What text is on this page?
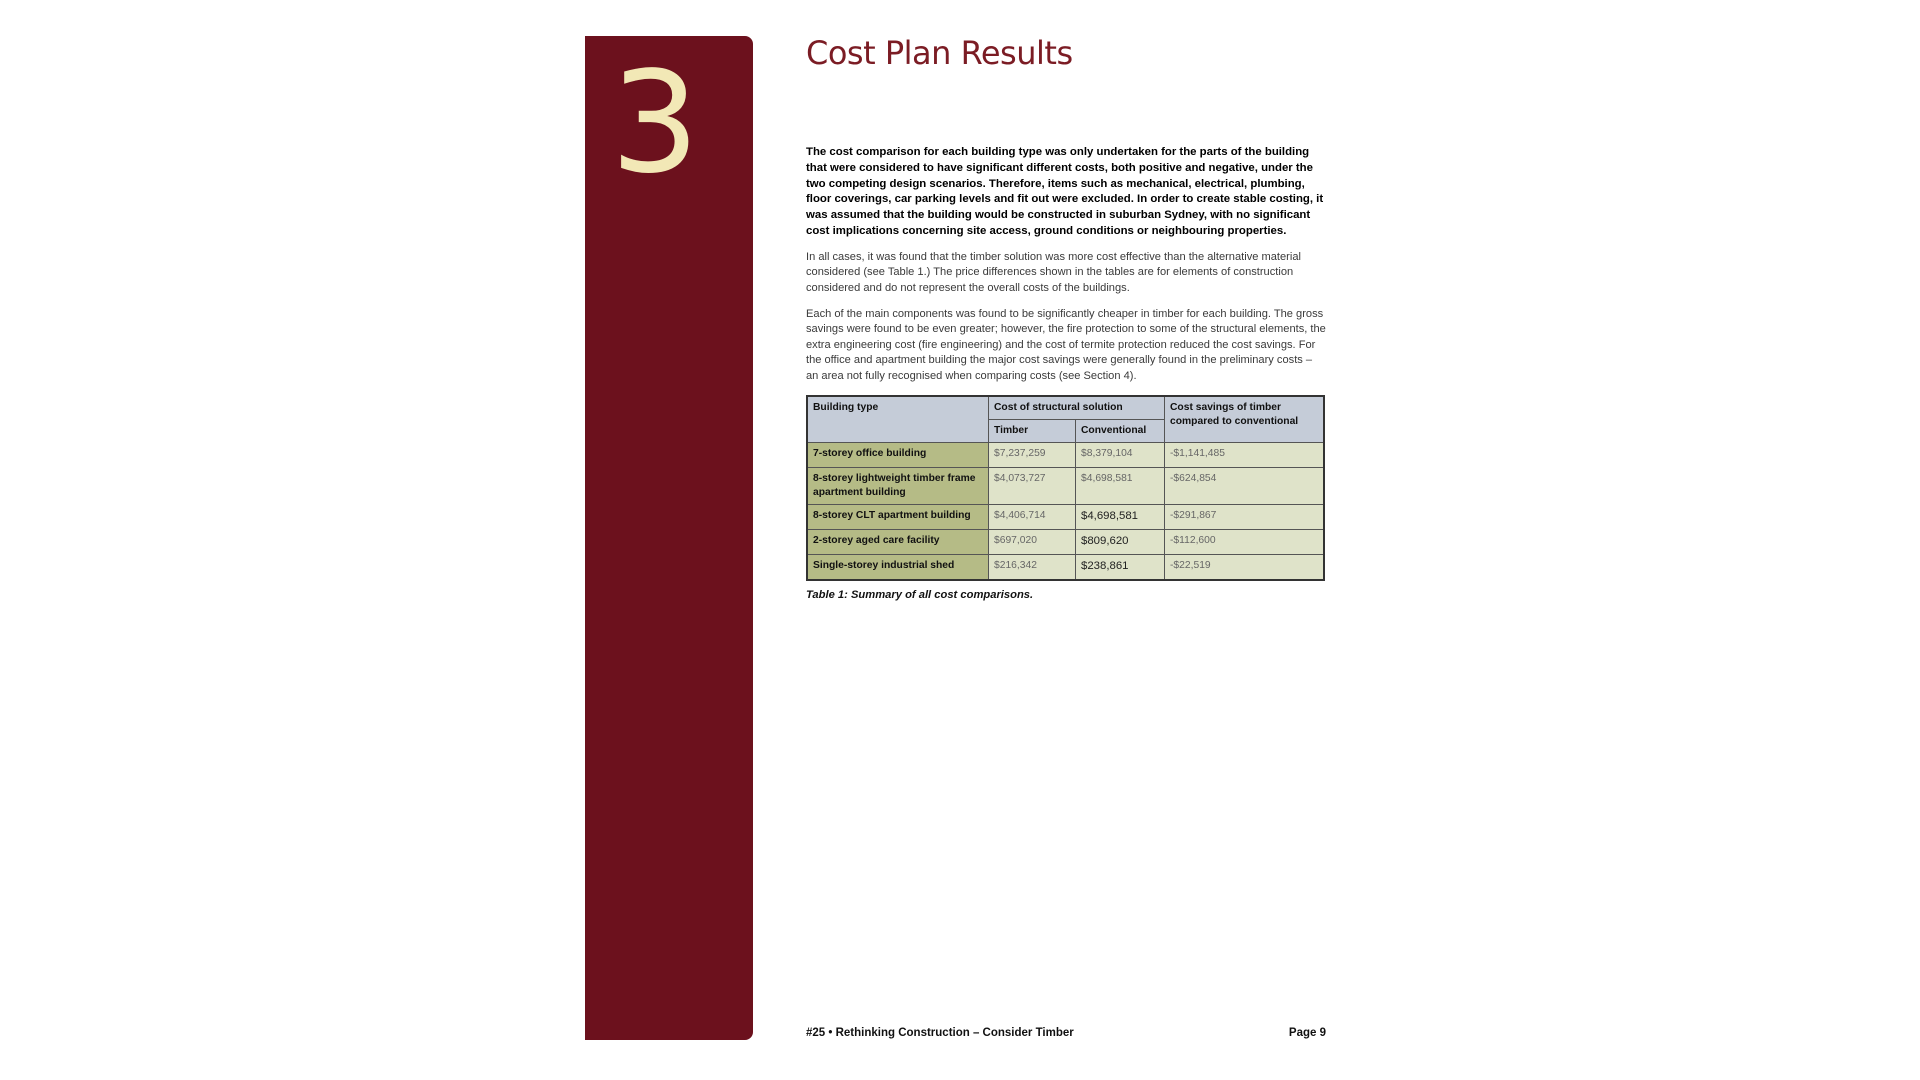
3	Cost Plan Results

The cost comparison for each building type was only undertaken for the parts of the building that were considered to have significant different costs, both positive and negative, under the two competing design scenarios. Therefore, items such as mechanical, electrical, plumbing, floor coverings, car parking levels and fit out were excluded. In order to create stable costing, it was assumed that the building would be constructed in suburban Sydney, with no significant cost implications concerning site access, ground conditions or neighbouring properties.

In all cases, it was found that the timber solution was more cost effective than the alternative material considered (see Table 1.) The price differences shown in the tables are for elements of construction considered and do not represent the overall costs of the buildings.

Each of the main components was found to be significantly cheaper in timber for each building. The gross savings were found to be even greater; however, the fire protection to some of the structural elements, the extra engineering cost (fire engineering) and the cost of termite protection reduced the cost savings. For the office and apartment building the major cost savings were generally found in the preliminary costs – an area not fully recognised when comparing costs (see Section 4).

Building type	Cost of structural solution		Cost savings of timber compared to conventional
	Timber	Conventional	
7-storey office building	$7,237,259	$8,379,104	-$1,141,485
8-storey lightweight timber frame apartment building	$4,073,727	$4,698,581	-$624,854
8-storey CLT apartment building	$4,406,714	$4,698,581	-$291,867
2-storey aged care facility	$697,020	$809,620	-$112,600
Single-storey industrial shed	$216,342	$238,861	-$22,519
Table 1: Summary of all cost comparisons.
#25 • Rethinking Construction – Consider Timber	Page 9
